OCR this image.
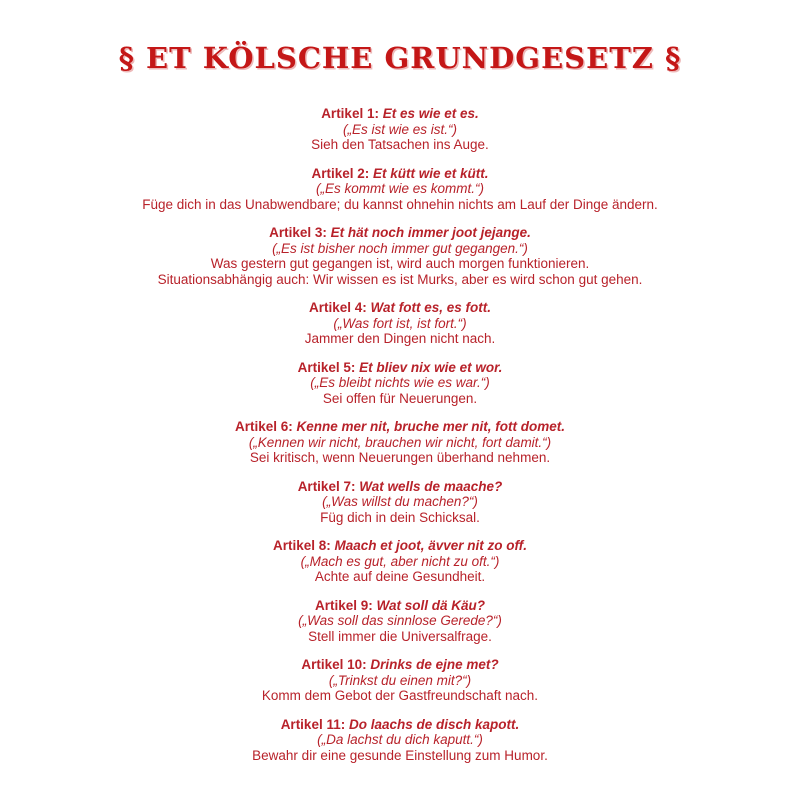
§ ET KÖLSCHE GRUNDGESETZ §
Artikel 1: Et es wie et es.
(„Es ist wie es ist.“)
Sieh den Tatsachen ins Auge.
Artikel 2: Et kütt wie et kütt.
(„Es kommt wie es kommt.“)
Füge dich in das Unabwendbare; du kannst ohnehin nichts am Lauf der Dinge ändern.
Artikel 3: Et hät noch immer joot jejange.
(„Es ist bisher noch immer gut gegangen.“)
Was gestern gut gegangen ist, wird auch morgen funktionieren.
Situationsabhängig auch: Wir wissen es ist Murks, aber es wird schon gut gehen.
Artikel 4: Wat fott es, es fott.
(„Was fort ist, ist fort.“)
Jammer den Dingen nicht nach.
Artikel 5: Et bliev nix wie et wor.
(„Es bleibt nichts wie es war.“)
Sei offen für Neuerungen.
Artikel 6: Kenne mer nit, bruche mer nit, fott domet.
(„Kennen wir nicht, brauchen wir nicht, fort damit.“)
Sei kritisch, wenn Neuerungen überhand nehmen.
Artikel 7: Wat wells de maache?
(„Was willst du machen?“)
Füg dich in dein Schicksal.
Artikel 8: Maach et joot, ävver nit zo off.
(„Mach es gut, aber nicht zu oft.“)
Achte auf deine Gesundheit.
Artikel 9: Wat soll dä Käu?
(„Was soll das sinnlose Gerede?“)
Stell immer die Universalfrage.
Artikel 10: Drinks de ejne met?
(„Trinkst du einen mit?“)
Komm dem Gebot der Gastfreundschaft nach.
Artikel 11: Do laachs de disch kapott.
(„Da lachst du dich kaputt.“)
Bewahr dir eine gesunde Einstellung zum Humor.
